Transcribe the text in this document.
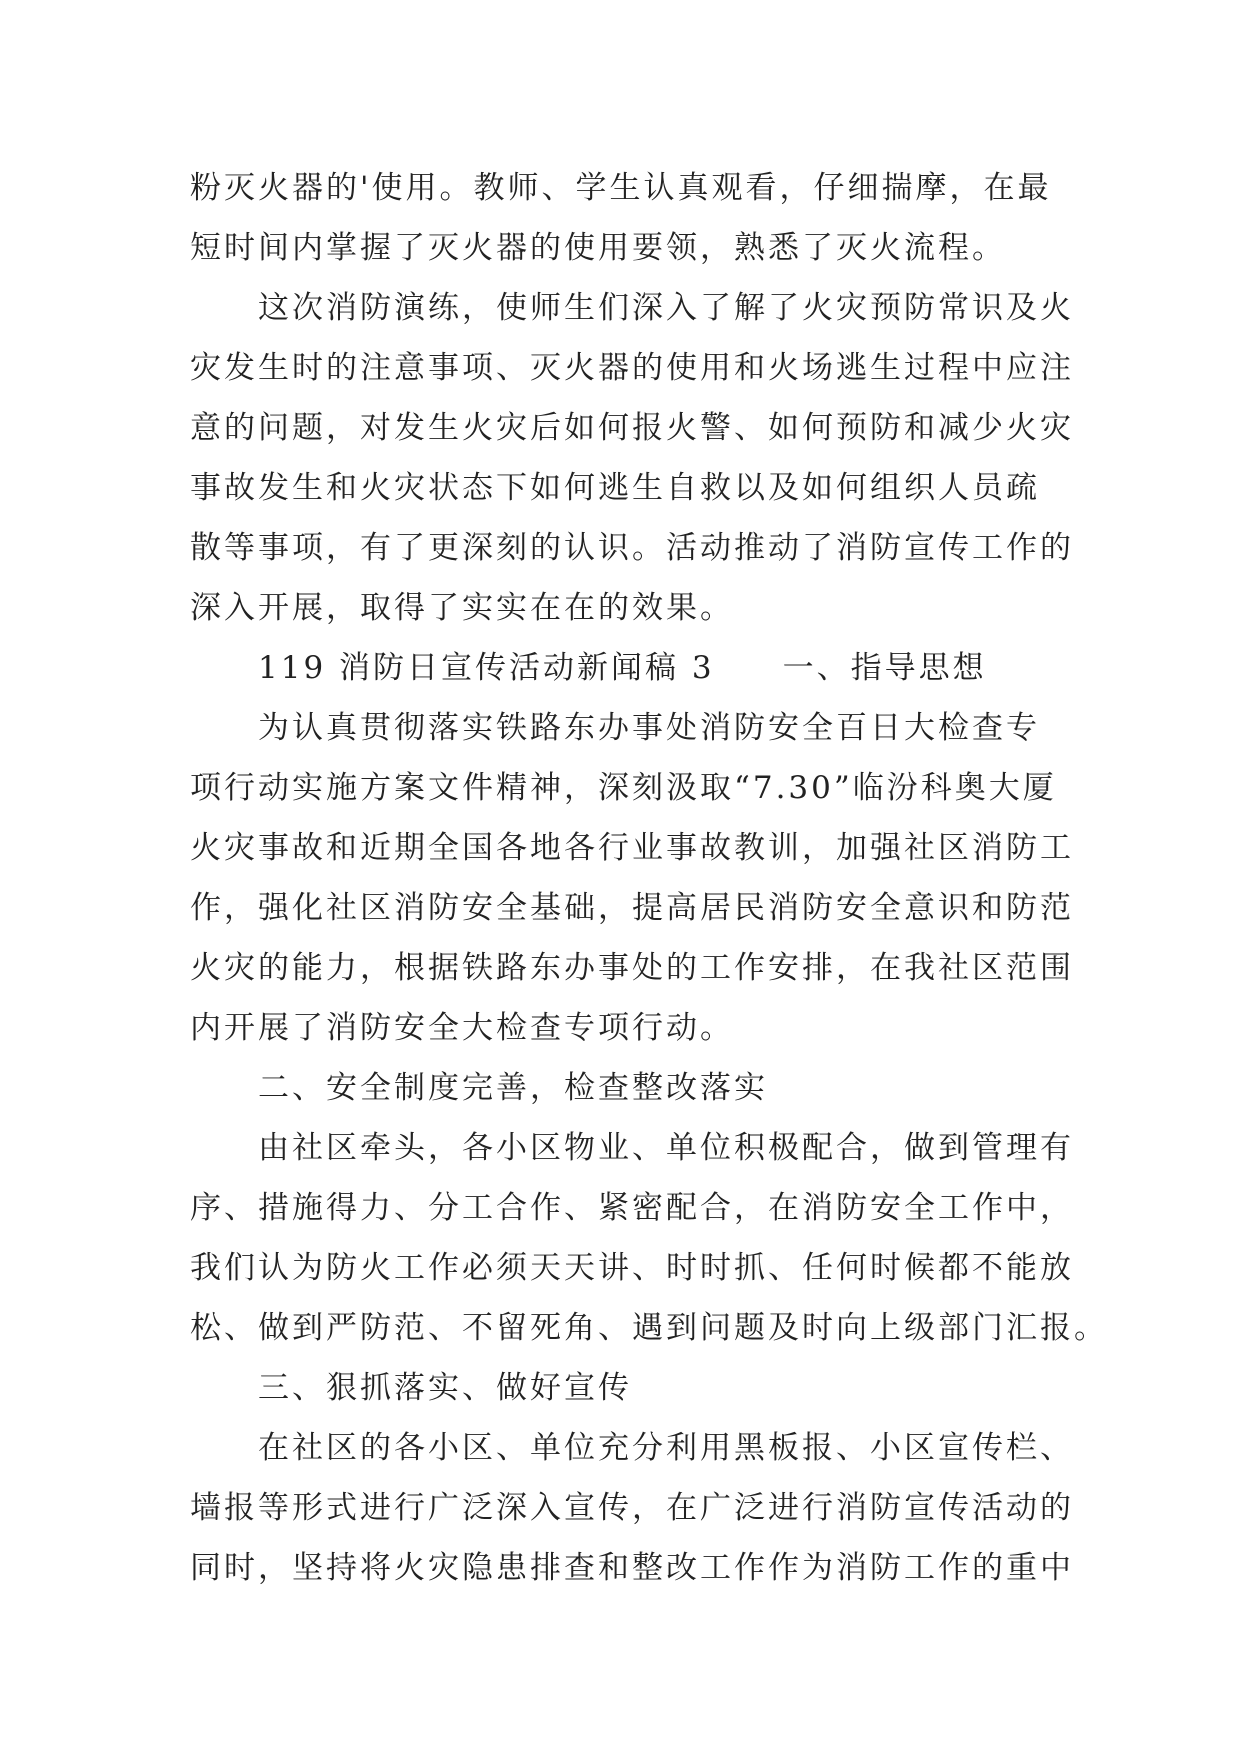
粉灭火器的'使用。教师、学生认真观看，仔细揣摩，在最
短时间内掌握了灭火器的使用要领，熟悉了灭火流程。
这次消防演练，使师生们深入了解了火灾预防常识及火
灾发生时的注意事项、灭火器的使用和火场逃生过程中应注
意的问题，对发生火灾后如何报火警、如何预防和减少火灾
事故发生和火灾状态下如何逃生自救以及如何组织人员疏
散等事项，有了更深刻的认识。活动推动了消防宣传工作的
深入开展，取得了实实在在的效果。
119 消防日宣传活动新闻稿 3　　一、指导思想
为认真贯彻落实铁路东办事处消防安全百日大检查专
项行动实施方案文件精神，深刻汲取“7.30”临汾科奥大厦
火灾事故和近期全国各地各行业事故教训，加强社区消防工
作，强化社区消防安全基础，提高居民消防安全意识和防范
火灾的能力，根据铁路东办事处的工作安排，在我社区范围
内开展了消防安全大检查专项行动。
二、安全制度完善，检查整改落实
由社区牵头，各小区物业、单位积极配合，做到管理有
序、措施得力、分工合作、紧密配合，在消防安全工作中，
我们认为防火工作必须天天讲、时时抓、任何时候都不能放
松、做到严防范、不留死角、遇到问题及时向上级部门汇报。
三、狠抓落实、做好宣传
在社区的各小区、单位充分利用黑板报、小区宣传栏、
墙报等形式进行广泛深入宣传，在广泛进行消防宣传活动的
同时，坚持将火灾隐患排查和整改工作作为消防工作的重中
